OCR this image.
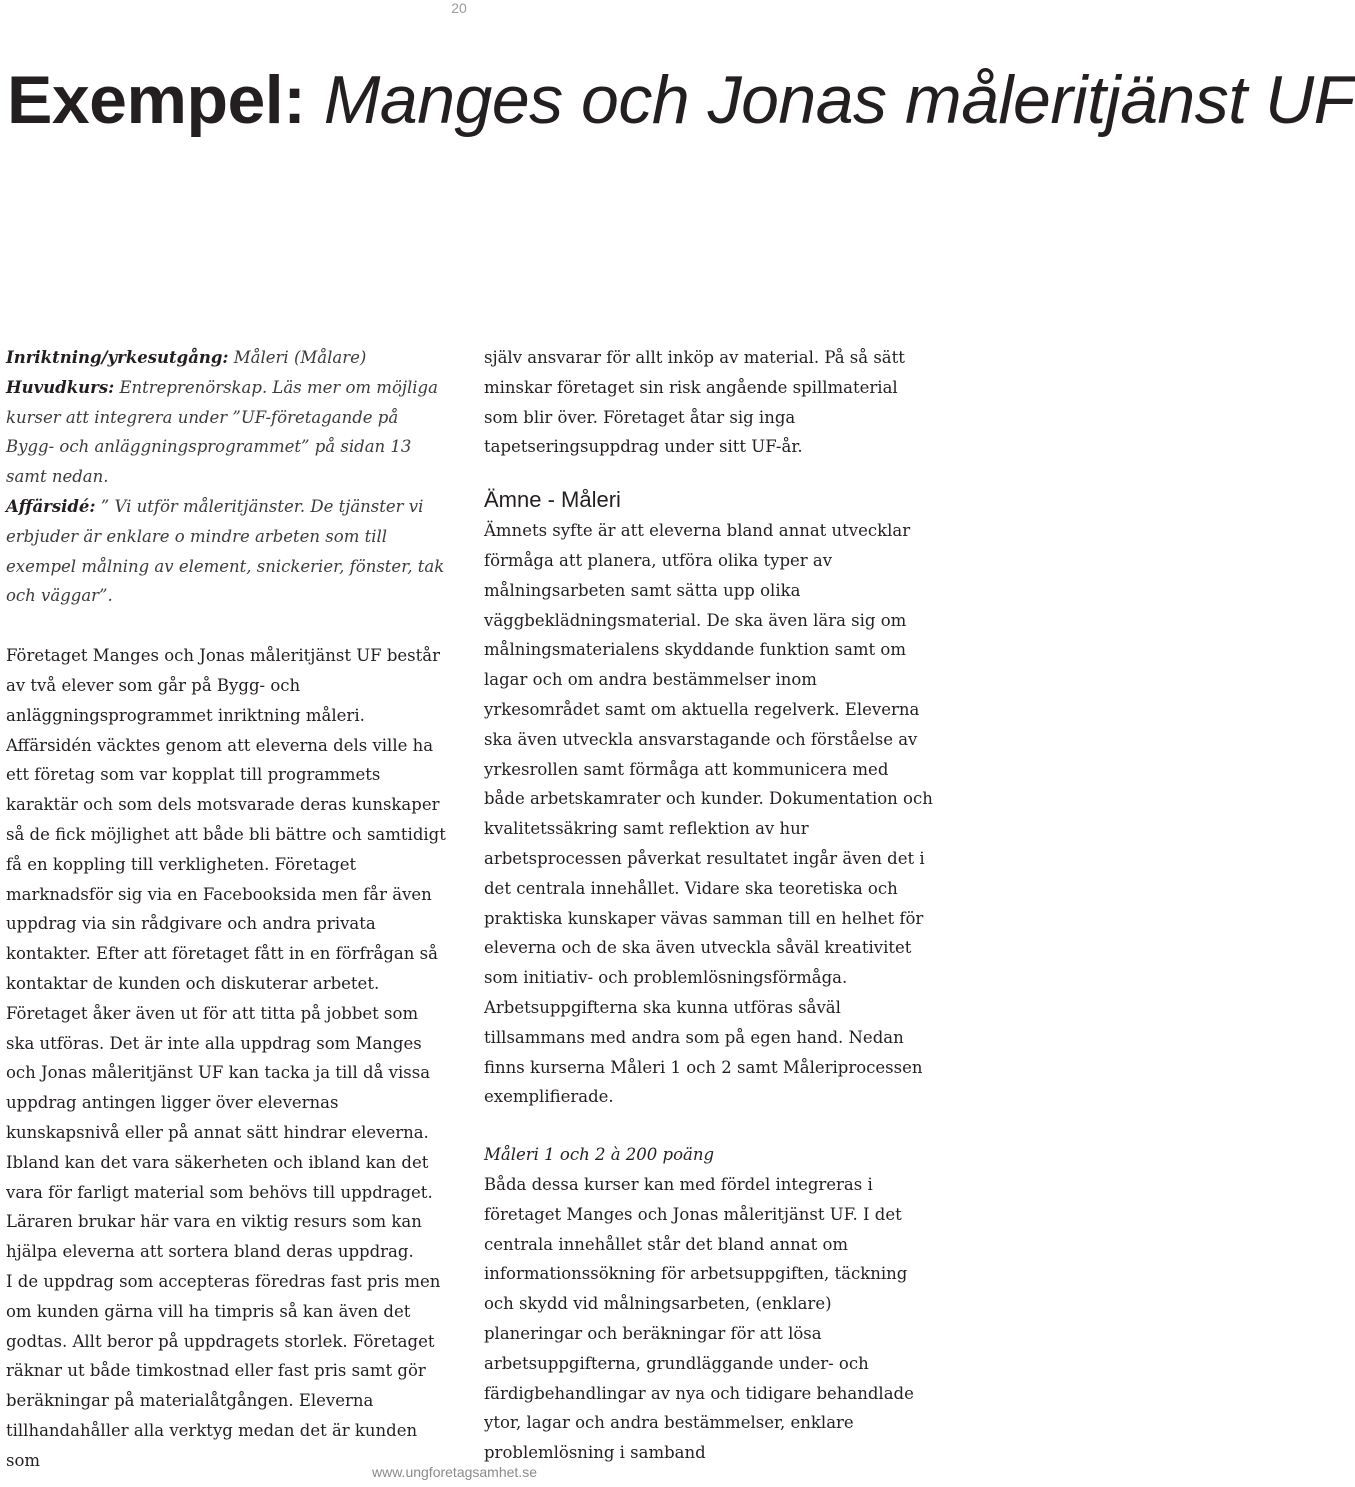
20
Exempel: Manges och Jonas måleritjänst UF

Inriktning/yrkesutgång: Måleri (Målare)
Huvudkurs: Entreprenörskap. Läs mer om möjliga kurser att integrera under ”UF-företagande på Bygg- och anläggningsprogrammet” på sidan 13 samt nedan.
Affärsidé: ” Vi utför måleritjänster. De tjänster vi erbjuder är enklare o mindre arbeten som till exempel målning av element, snickerier, fönster, tak och väggar”.

Företaget Manges och Jonas måleritjänst UF består av två elever som går på Bygg- och anläggningsprogrammet inriktning måleri. Affärsidén väcktes genom att eleverna dels ville ha ett företag som var kopplat till programmets karaktär och som dels motsvarade deras kunskaper så de fick möjlighet att både bli bättre och samtidigt få en koppling till verkligheten. Företaget marknadsför sig via en Facebooksida men får även uppdrag via sin rådgivare och andra privata kontakter. Efter att företaget fått in en förfrågan så kontaktar de kunden och diskuterar arbetet. Företaget åker även ut för att titta på jobbet som ska utföras. Det är inte alla uppdrag som Manges och Jonas måleritjänst UF kan tacka ja till då vissa uppdrag antingen ligger över elevernas kunskapsnivå eller på annat sätt hindrar eleverna. Ibland kan det vara säkerheten och ibland kan det vara för farligt material som behövs till uppdraget. Läraren brukar här vara en viktig resurs som kan hjälpa eleverna att sortera bland deras uppdrag.

I de uppdrag som accepteras föredras fast pris men om kunden gärna vill ha timpris så kan även det godtas. Allt beror på uppdragets storlek. Företaget räknar ut både timkostnad eller fast pris samt gör beräkningar på materialåtgången. Eleverna tillhandahåller alla verktyg medan det är kunden som

själv ansvarar för allt inköp av material. På så sätt minskar företaget sin risk angående spillmaterial som blir över. Företaget åtar sig inga tapetseringsuppdrag under sitt UF-år.

Ämne - Måleri

Ämnets syfte är att eleverna bland annat utvecklar förmåga att planera, utföra olika typer av målningsarbeten samt sätta upp olika väggbeklädningsmaterial. De ska även lära sig om målningsmaterialens skyddande funktion samt om lagar och om andra bestämmelser inom yrkesområdet samt om aktuella regelverk. Eleverna ska även utveckla ansvarstagande och förståelse av yrkesrollen samt förmåga att kommunicera med både arbetskamrater och kunder. Dokumentation och kvalitetssäkring samt reflektion av hur arbetsprocessen påverkat resultatet ingår även det i det centrala innehållet. Vidare ska teoretiska och praktiska kunskaper vävas samman till en helhet för eleverna och de ska även utveckla såväl kreativitet som initiativ- och problemlösningsförmåga. Arbetsuppgifterna ska kunna utföras såväl tillsammans med andra som på egen hand. Nedan finns kurserna Måleri 1 och 2 samt Måleriprocessen exemplifierade.

Måleri 1 och 2 à 200 poäng

Båda dessa kurser kan med fördel integreras i företaget Manges och Jonas måleritjänst UF. I det centrala innehållet står det bland annat om informationssökning för arbetsuppgiften, täckning och skydd vid målningsarbeten, (enklare) planeringar och beräkningar för att lösa arbetsuppgifterna, grundläggande under- och färdigbehandlingar av nya och tidigare behandlade ytor, lagar och andra bestämmelser, enklare problemlösning i samband

www.ungforetagsamhet.se
